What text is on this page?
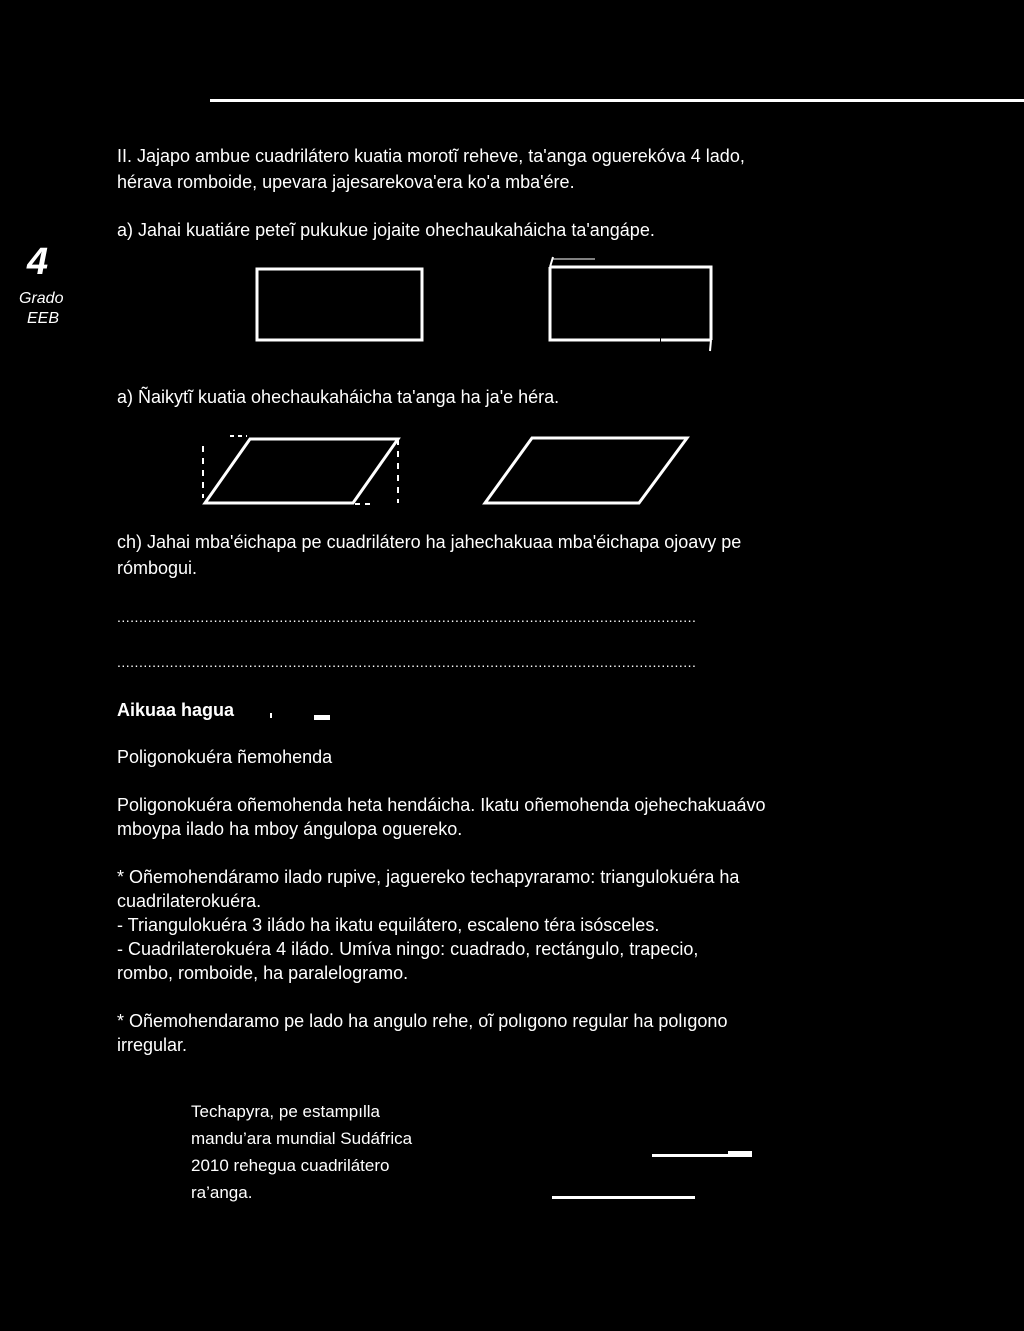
4
Grado
EEB
II. Jajapo ambue cuadrilátero kuatia morotĩ reheve, ta'anga oguerekóva 4 lado,
hérava romboide, upevara jajesarekova'era ko'a mba'ére.
a) Jahai kuatiáre peteĩ pukukue jojaite ohechaukaháicha ta'angápe.
a) Ñaikytĩ kuatia ohechaukaháicha ta'anga ha ja'e héra.
ch) Jahai mba'éichapa pe cuadrilátero ha jahechakuaa mba'éichapa ojoavy pe
rómbogui.
....................................................................................................................................
....................................................................................................................................
Aikuaa hagua
Poligonokuéra ñemohenda
Poligonokuéra oñemohenda heta hendáicha. Ikatu oñemohenda ojehechakuaávo
mboypa ilado ha mboy ángulopa oguereko.
* Oñemohendáramo ilado rupive, jaguereko techapyraramo: triangulokuéra ha
cuadrilaterokuéra.
- Triangulokuéra 3 iládo ha ikatu equilátero, escaleno téra isósceles.
- Cuadrilaterokuéra 4 iládo. Umíva ningo: cuadrado, rectángulo, trapecio,
rombo, romboide, ha paralelogramo.
* Oñemohendaramo pe lado ha angulo rehe, oĩ polıgono regular ha polıgono
irregular.
Techapyra, pe estampılla
mandu’ara mundial Sudáfrica
2010 rehegua cuadrilátero
ra’anga.
